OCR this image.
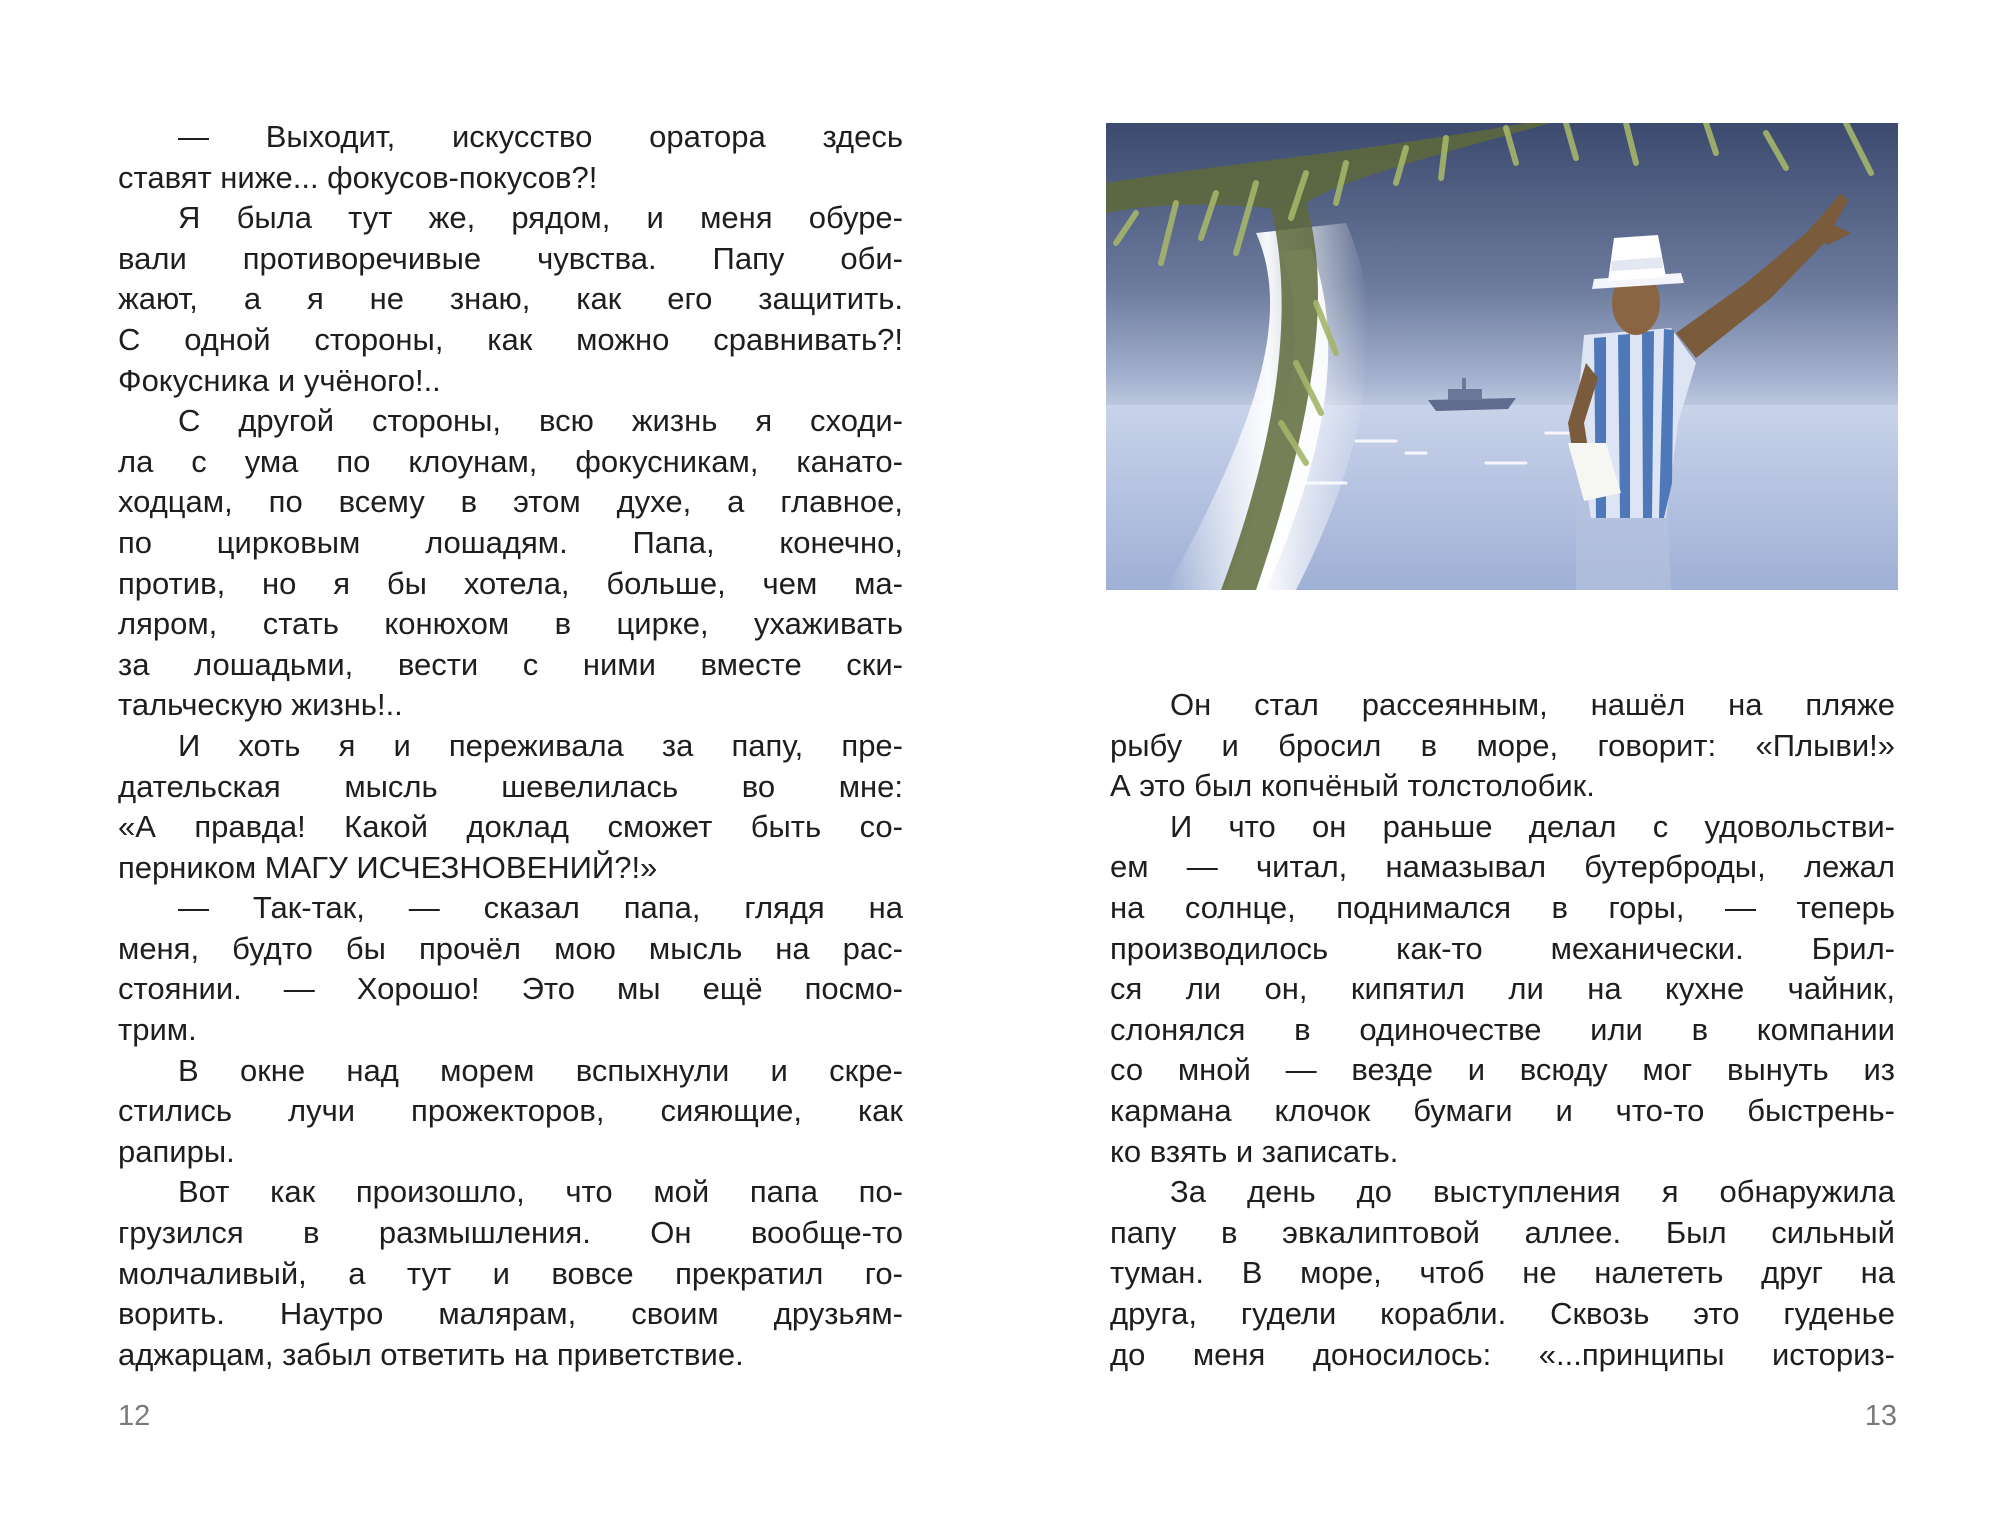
— Выходит, искусство оратора здесь
ставят ниже... фокусов-покусов?!
Я была тут же, рядом, и меня обуре-
вали противоречивые чувства. Папу оби-
жают, а я не знаю, как его защитить.
С одной стороны, как можно сравнивать?!
Фокусника и учёного!..
С другой стороны, всю жизнь я сходи-
ла с ума по клоунам, фокусникам, канато-
ходцам, по всему в этом духе, а главное,
по цирковым лошадям. Папа, конечно,
против, но я бы хотела, больше, чем ма-
ляром, стать конюхом в цирке, ухаживать
за лошадьми, вести с ними вместе ски-
тальческую жизнь!..
И хоть я и переживала за папу, пре-
дательская мысль шевелилась во мне:
«А правда! Какой доклад сможет быть со-
перником МАГУ ИСЧЕЗНОВЕНИЙ?!»
— Так-так, — сказал папа, глядя на
меня, будто бы прочёл мою мысль на рас-
стоянии. — Хорошо! Это мы ещё посмо-
трим.
В окне над морем вспыхнули и скре-
стились лучи прожекторов, сияющие, как
рапиры.
Вот как произошло, что мой папа по-
грузился в размышления. Он вообще-то
молчаливый, а тут и вовсе прекратил го-
ворить. Наутро малярам, своим друзьям-
аджарцам, забыл ответить на приветствие.
12
Он стал рассеянным, нашёл на пляже
рыбу и бросил в море, говорит: «Плыви!»
А это был копчёный толстолобик.
И что он раньше делал с удовольстви-
ем — читал, намазывал бутерброды, лежал
на солнце, поднимался в горы, — теперь
производилось как-то механически. Брил-
ся ли он, кипятил ли на кухне чайник,
слонялся в одиночестве или в компании
со мной — везде и всюду мог вынуть из
кармана клочок бумаги и что-то быстрень-
ко взять и записать.
За день до выступления я обнаружила
папу в эвкалиптовой аллее. Был сильный
туман. В море, чтоб не налететь друг на
друга, гудели корабли. Сквозь это гуденье
до меня доносилось: «...принципы историз-
13
